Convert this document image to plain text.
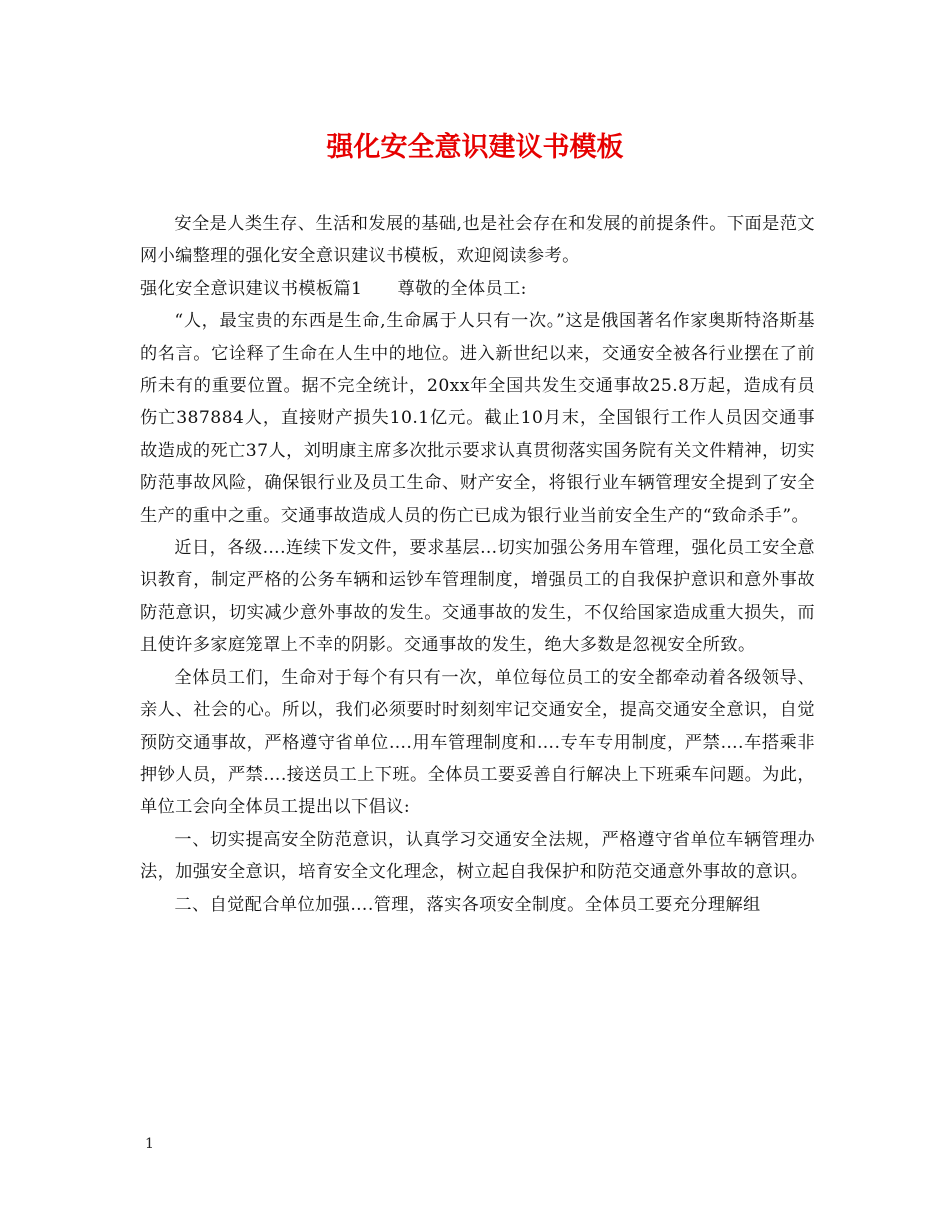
强化安全意识建议书模板

安全是人类生存、生活和发展的基础,也是社会存在和发展的前提条件。下面是范文网小编整理的强化安全意识建议书模板，欢迎阅读参考。

强化安全意识建议书模板篇1　　尊敬的全体员工:

“人，最宝贵的东西是生命,生命属于人只有一次。”这是俄国著名作家奥斯特洛斯基的名言。它诠释了生命在人生中的地位。进入新世纪以来，交通安全被各行业摆在了前所未有的重要位置。据不完全统计，20xx年全国共发生交通事故25.8万起，造成有员伤亡387884人，直接财产损失10.1亿元。截止10月末，全国银行工作人员因交通事故造成的死亡37人，刘明康主席多次批示要求认真贯彻落实国务院有关文件精神，切实防范事故风险，确保银行业及员工生命、财产安全，将银行业车辆管理安全提到了安全生产的重中之重。交通事故造成人员的伤亡已成为银行业当前安全生产的“致命杀手”。

近日，各级….连续下发文件，要求基层…切实加强公务用车管理，强化员工安全意识教育，制定严格的公务车辆和运钞车管理制度，增强员工的自我保护意识和意外事故防范意识，切实减少意外事故的发生。交通事故的发生，不仅给国家造成重大损失，而且使许多家庭笼罩上不幸的阴影。交通事故的发生，绝大多数是忽视安全所致。

全体员工们，生命对于每个有只有一次，单位每位员工的安全都牵动着各级领导、亲人、社会的心。所以，我们必须要时时刻刻牢记交通安全，提高交通安全意识，自觉预防交通事故，严格遵守省单位….用车管理制度和….专车专用制度，严禁….车搭乘非押钞人员，严禁….接送员工上下班。全体员工要妥善自行解决上下班乘车问题。为此，单位工会向全体员工提出以下倡议:

一、切实提高安全防范意识，认真学习交通安全法规，严格遵守省单位车辆管理办法，加强安全意识，培育安全文化理念，树立起自我保护和防范交通意外事故的意识。

二、自觉配合单位加强….管理，落实各项安全制度。全体员工要充分理解组

1
